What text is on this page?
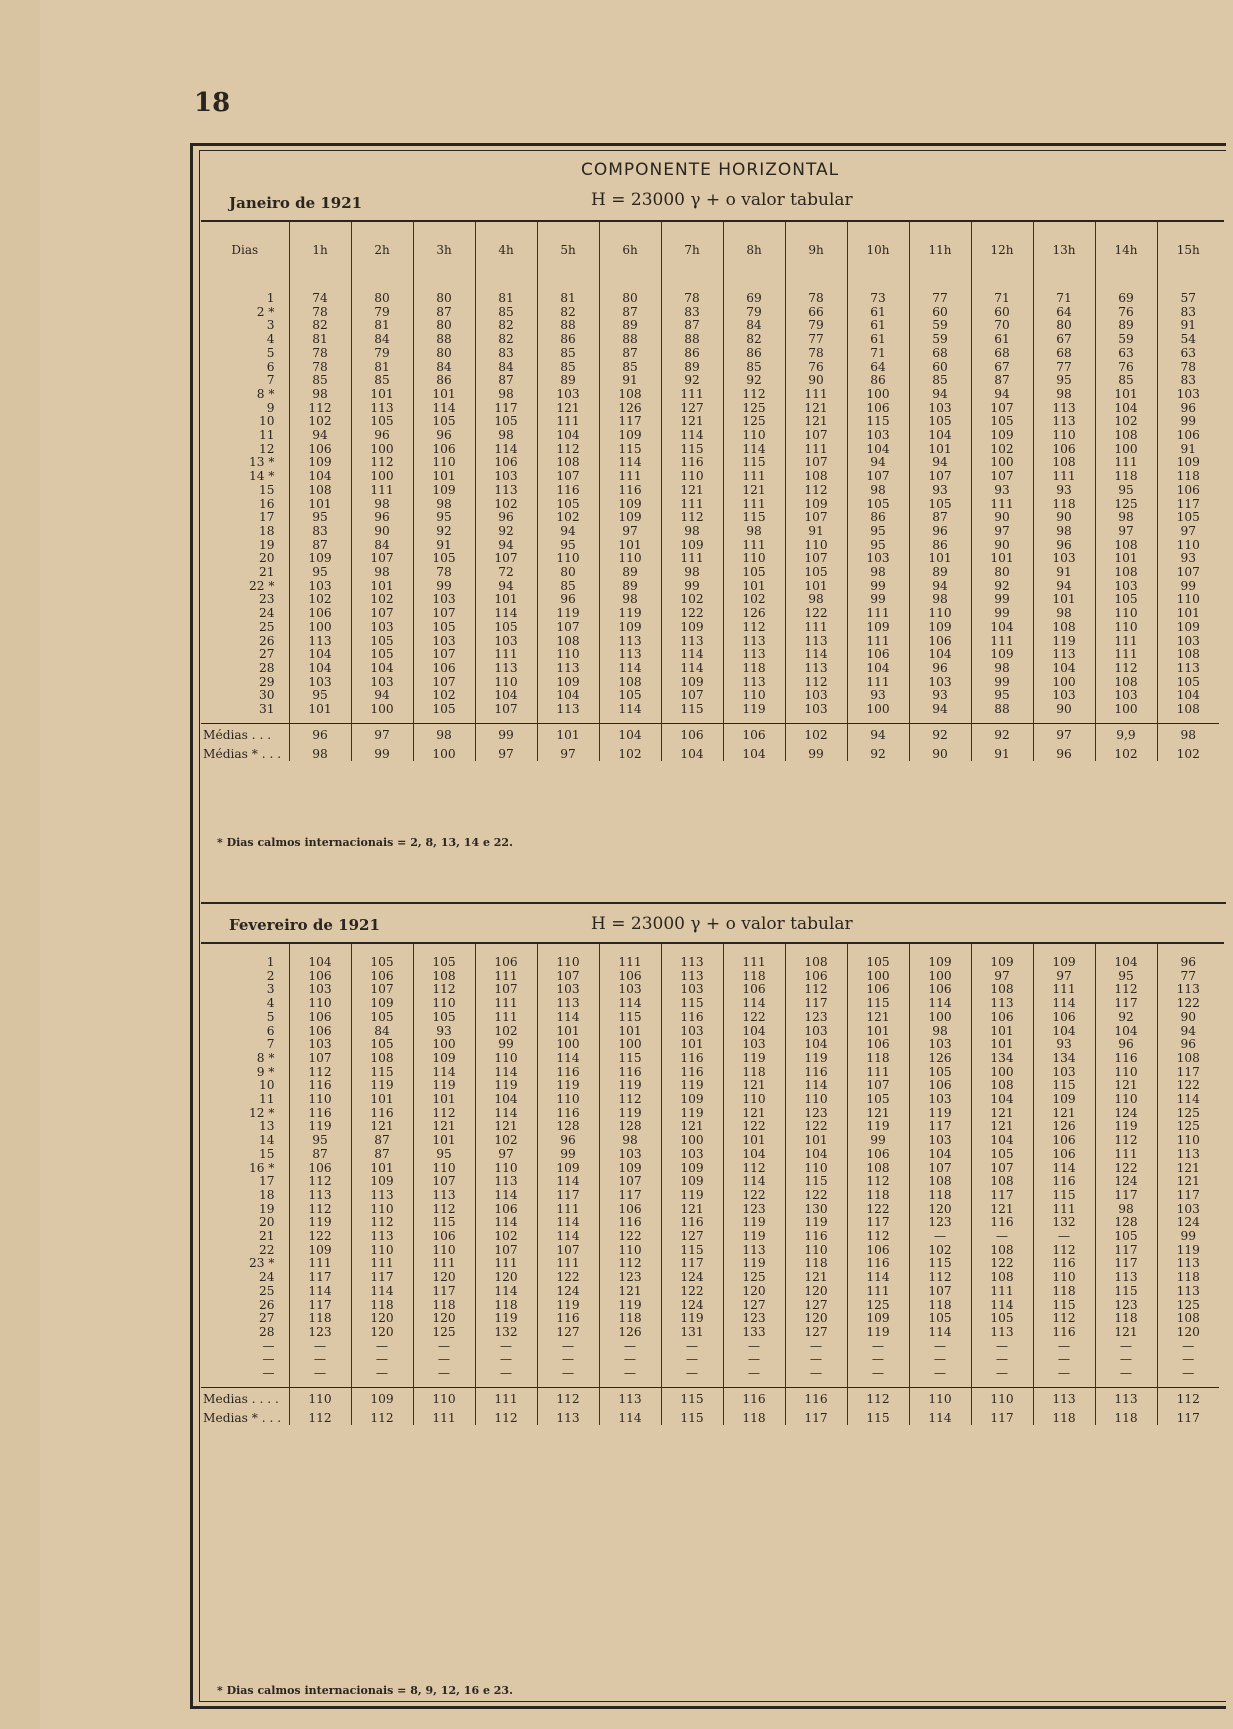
18
COMPONENTE HORIZONTAL
Janeiro de 1921	H = 23000 γ + o valor tabular
Dias	1h	2h	3h	4h	5h	6h	7h	8h	9h	10h	11h	12h	13h	14h	15h
1	74	80	80	81	81	80	78	69	78	73	77	71	71	69	57
2 *	78	79	87	85	82	87	83	79	66	61	60	60	64	76	83
3	82	81	80	82	88	89	87	84	79	61	59	70	80	89	91
4	81	84	88	82	86	88	88	82	77	61	59	61	67	59	54
5	78	79	80	83	85	87	86	86	78	71	68	68	68	63	63
6	78	81	84	84	85	85	89	85	76	64	60	67	77	76	78
7	85	85	86	87	89	91	92	92	90	86	85	87	95	85	83
8 *	98	101	101	98	103	108	111	112	111	100	94	94	98	101	103
9	112	113	114	117	121	126	127	125	121	106	103	107	113	104	96
10	102	105	105	105	111	117	121	125	121	115	105	105	113	102	99
11	94	96	96	98	104	109	114	110	107	103	104	109	110	108	106
12	106	100	106	114	112	115	115	114	111	104	101	102	106	100	91
13 *	109	112	110	106	108	114	116	115	107	94	94	100	108	111	109
14 *	104	100	101	103	107	111	110	111	108	107	107	107	111	118	118
15	108	111	109	113	116	116	121	121	112	98	93	93	93	95	106
16	101	98	98	102	105	109	111	111	109	105	105	111	118	125	117
17	95	96	95	96	102	109	112	115	107	86	87	90	90	98	105
18	83	90	92	92	94	97	98	98	91	95	96	97	98	97	97
19	87	84	91	94	95	101	109	111	110	95	86	90	96	108	110
20	109	107	105	107	110	110	111	110	107	103	101	101	103	101	93
21	95	98	78	72	80	89	98	105	105	98	89	80	91	108	107
22 *	103	101	99	94	85	89	99	101	101	99	94	92	94	103	99
23	102	102	103	101	96	98	102	102	98	99	98	99	101	105	110
24	106	107	107	114	119	119	122	126	122	111	110	99	98	110	101
25	100	103	105	105	107	109	109	112	111	109	109	104	108	110	109
26	113	105	103	103	108	113	113	113	113	111	106	111	119	111	103
27	104	105	107	111	110	113	114	113	114	106	104	109	113	111	108
28	104	104	106	113	113	114	114	118	113	104	96	98	104	112	113
29	103	103	107	110	109	108	109	113	112	111	103	99	100	108	105
30	95	94	102	104	104	105	107	110	103	93	93	95	103	103	104
31	101	100	105	107	113	114	115	119	103	100	94	88	90	100	108
Médias . . .	96	97	98	99	101	104	106	106	102	94	92	92	97	9,9	98
Médias * . . .	98	99	100	97	97	102	104	104	99	92	90	91	96	102	102
* Dias calmos internacionais = 2, 8, 13, 14 e 22.
Fevereiro de 1921	H = 23000 γ + o valor tabular
1	104	105	105	106	110	111	113	111	108	105	109	109	109	104	96
2	106	106	108	111	107	106	113	118	106	100	100	97	97	95	77
3	103	107	112	107	103	103	103	106	112	106	106	108	111	112	113
4	110	109	110	111	113	114	115	114	117	115	114	113	114	117	122
5	106	105	105	111	114	115	116	122	123	121	100	106	106	92	90
6	106	84	93	102	101	101	103	104	103	101	98	101	104	104	94
7	103	105	100	99	100	100	101	103	104	106	103	101	93	96	96
8 *	107	108	109	110	114	115	116	119	119	118	126	134	134	116	108
9 *	112	115	114	114	116	116	116	118	116	111	105	100	103	110	117
10	116	119	119	119	119	119	119	121	114	107	106	108	115	121	122
11	110	101	101	104	110	112	109	110	110	105	103	104	109	110	114
12 *	116	116	112	114	116	119	119	121	123	121	119	121	121	124	125
13	119	121	121	121	128	128	121	122	122	119	117	121	126	119	125
14	95	87	101	102	96	98	100	101	101	99	103	104	106	112	110
15	87	87	95	97	99	103	103	104	104	106	104	105	106	111	113
16 *	106	101	110	110	109	109	109	112	110	108	107	107	114	122	121
17	112	109	107	113	114	107	109	114	115	112	108	108	116	124	121
18	113	113	113	114	117	117	119	122	122	118	118	117	115	117	117
19	112	110	112	106	111	106	121	123	130	122	120	121	111	98	103
20	119	112	115	114	114	116	116	119	119	117	123	116	132	128	124
21	122	113	106	102	114	122	127	119	116	112	—	—	—	105	99
22	109	110	110	107	107	110	115	113	110	106	102	108	112	117	119
23 *	111	111	111	111	111	112	117	119	118	116	115	122	116	117	113
24	117	117	120	120	122	123	124	125	121	114	112	108	110	113	118
25	114	114	117	114	124	121	122	120	120	111	107	111	118	115	113
26	117	118	118	118	119	119	124	127	127	125	118	114	115	123	125
27	118	120	120	119	116	118	119	123	120	109	105	105	112	118	108
28	123	120	125	132	127	126	131	133	127	119	114	113	116	121	120
—	—	—	—	—	—	—	—	—	—	—	—	—	—	—	—
—	—	—	—	—	—	—	—	—	—	—	—	—	—	—	—
—	—	—	—	—	—	—	—	—	—	—	—	—	—	—	—
Medias . . . .	110	109	110	111	112	113	115	116	116	112	110	110	113	113	112
Medias * . . .	112	112	111	112	113	114	115	118	117	115	114	117	118	118	117
* Dias calmos internacionais = 8, 9, 12, 16 e 23.
